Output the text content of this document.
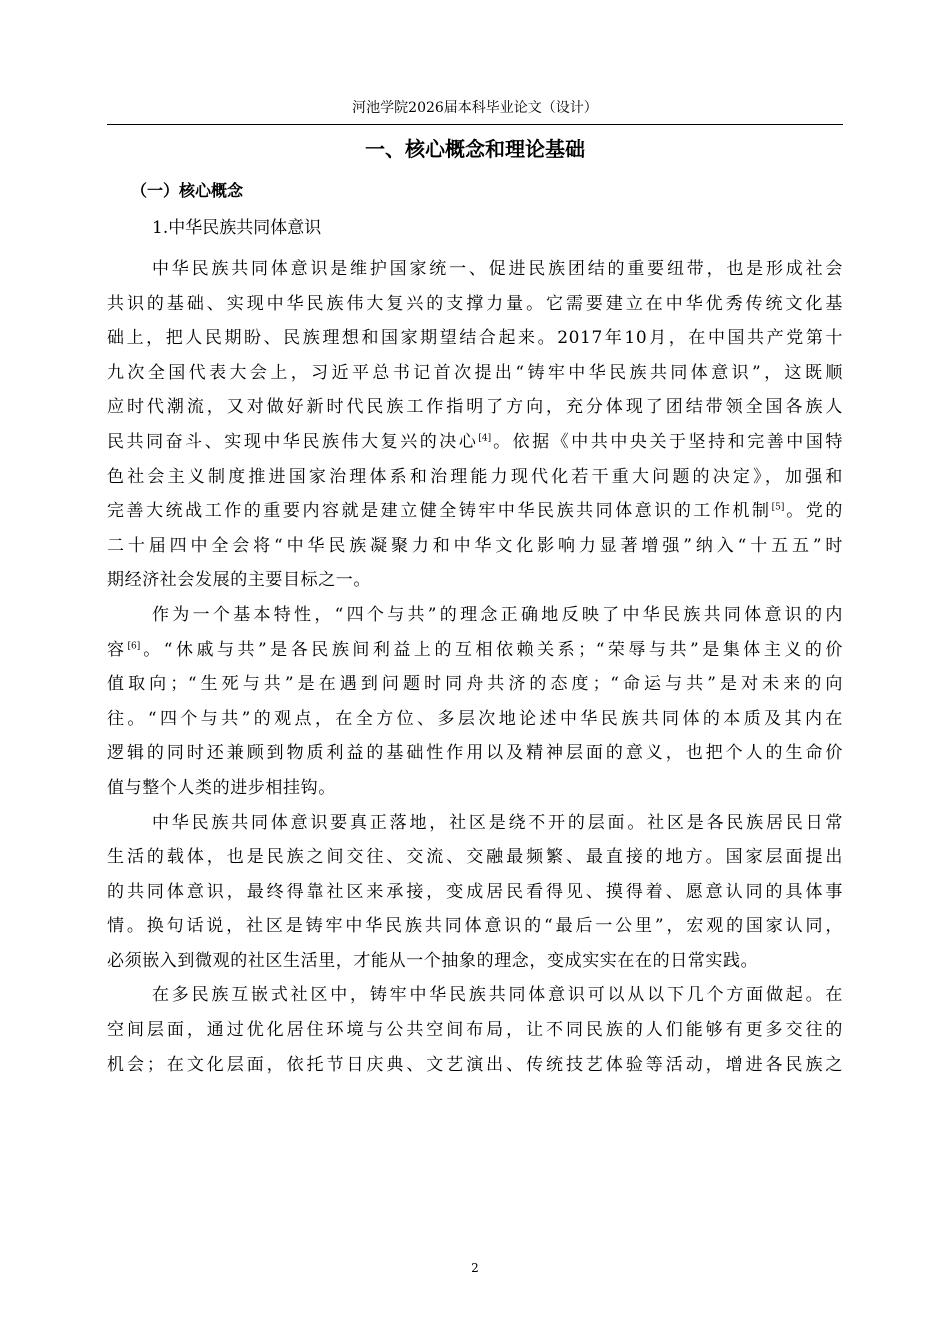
河池学院2026届本科毕业论文（设计）
一、核心概念和理论基础
（一）核心概念
1.中华民族共同体意识

中华民族共同体意识是维护国家统一、促进民族团结的重要纽带，也是形成社会
共识的基础、实现中华民族伟大复兴的支撑力量。它需要建立在中华优秀传统文化基
础上，把人民期盼、民族理想和国家期望结合起来。2017年10月，在中国共产党第十
九次全国代表大会上，习近平总书记首次提出“铸牢中华民族共同体意识”，这既顺
应时代潮流，又对做好新时代民族工作指明了方向，充分体现了团结带领全国各族人
民共同奋斗、实现中华民族伟大复兴的决心[4]。依据《中共中央关于坚持和完善中国特
色社会主义制度推进国家治理体系和治理能力现代化若干重大问题的决定》，加强和
完善大统战工作的重要内容就是建立健全铸牢中华民族共同体意识的工作机制[5]。党的
二十届四中全会将“中华民族凝聚力和中华文化影响力显著增强”纳入“十五五”时
期经济社会发展的主要目标之一。

作为一个基本特性，“四个与共”的理念正确地反映了中华民族共同体意识的内
容[6]。“休戚与共”是各民族间利益上的互相依赖关系；“荣辱与共”是集体主义的价
值取向；“生死与共”是在遇到问题时同舟共济的态度；“命运与共”是对未来的向
往。“四个与共”的观点，在全方位、多层次地论述中华民族共同体的本质及其内在
逻辑的同时还兼顾到物质利益的基础性作用以及精神层面的意义，也把个人的生命价
值与整个人类的进步相挂钩。

中华民族共同体意识要真正落地，社区是绕不开的层面。社区是各民族居民日常
生活的载体，也是民族之间交往、交流、交融最频繁、最直接的地方。国家层面提出
的共同体意识，最终得靠社区来承接，变成居民看得见、摸得着、愿意认同的具体事
情。换句话说，社区是铸牢中华民族共同体意识的“最后一公里”，宏观的国家认同，
必须嵌入到微观的社区生活里，才能从一个抽象的理念，变成实实在在的日常实践。

在多民族互嵌式社区中，铸牢中华民族共同体意识可以从以下几个方面做起。在
空间层面，通过优化居住环境与公共空间布局，让不同民族的人们能够有更多交往的
机会；在文化层面，依托节日庆典、文艺演出、传统技艺体验等活动，增进各民族之

2
